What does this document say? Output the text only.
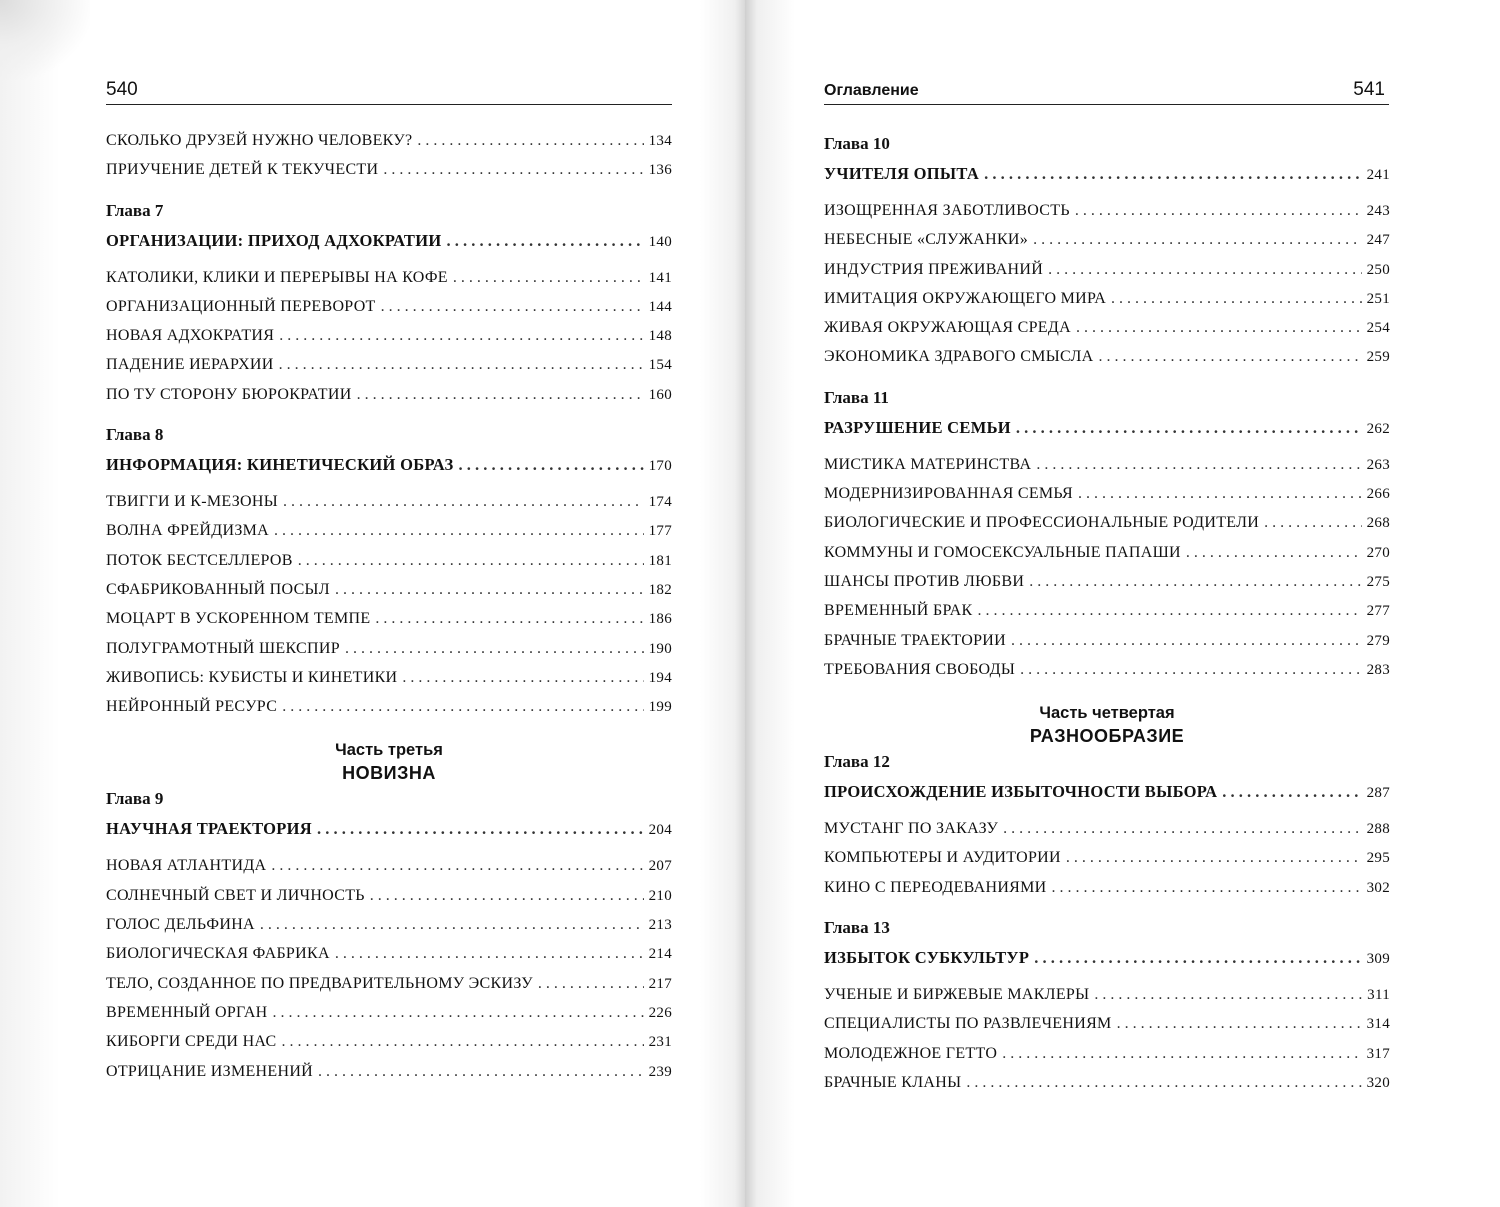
540
СКОЛЬКО ДРУЗЕЙ НУЖНО ЧЕЛОВЕКУ? . . .	134
ПРИУЧЕНИЕ ДЕТЕЙ К ТЕКУЧЕСТИ . . .	136
Глава 7
ОРГАНИЗАЦИИ: ПРИХОД АДХОКРАТИИ . . .	140
КАТОЛИКИ, КЛИКИ И ПЕРЕРЫВЫ НА КОФЕ . . .	141
ОРГАНИЗАЦИОННЫЙ ПЕРЕВОРОТ . . .	144
НОВАЯ АДХОКРАТИЯ . . .	148
ПАДЕНИЕ ИЕРАРХИИ . . .	154
ПО ТУ СТОРОНУ БЮРОКРАТИИ . . .	160
Глава 8
ИНФОРМАЦИЯ: КИНЕТИЧЕСКИЙ ОБРАЗ . . .	170
ТВИГГИ И К-МЕЗОНЫ . . .	174
ВОЛНА ФРЕЙДИЗМА . . .	177
ПОТОК БЕСТСЕЛЛЕРОВ . . .	181
СФАБРИКОВАННЫЙ ПОСЫЛ . . .	182
МОЦАРТ В УСКОРЕННОМ ТЕМПЕ . . .	186
ПОЛУГРАМОТНЫЙ ШЕКСПИР . . .	190
ЖИВОПИСЬ: КУБИСТЫ И КИНЕТИКИ . . .	194
НЕЙРОННЫЙ РЕСУРС . . .	199
Часть третья
НОВИЗНА
Глава 9
НАУЧНАЯ ТРАЕКТОРИЯ . . .	204
НОВАЯ АТЛАНТИДА . . .	207
СОЛНЕЧНЫЙ СВЕТ И ЛИЧНОСТЬ . . .	210
ГОЛОС ДЕЛЬФИНА . . .	213
БИОЛОГИЧЕСКАЯ ФАБРИКА . . .	214
ТЕЛО, СОЗДАННОЕ ПО ПРЕДВАРИТЕЛЬНОМУ ЭСКИЗУ . . .	217
ВРЕМЕННЫЙ ОРГАН . . .	226
КИБОРГИ СРЕДИ НАС . . .	231
ОТРИЦАНИЕ ИЗМЕНЕНИЙ . . .	239
Оглавление	541
Глава 10
УЧИТЕЛЯ ОПЫТА . . .	241
ИЗОЩРЕННАЯ ЗАБОТЛИВОСТЬ . . .	243
НЕБЕСНЫЕ «СЛУЖАНКИ» . . .	247
ИНДУСТРИЯ ПРЕЖИВАНИЙ . . .	250
ИМИТАЦИЯ ОКРУЖАЮЩЕГО МИРА . . .	251
ЖИВАЯ ОКРУЖАЮЩАЯ СРЕДА . . .	254
ЭКОНОМИКА ЗДРАВОГО СМЫСЛА . . .	259
Глава 11
РАЗРУШЕНИЕ СЕМЬИ . . .	262
МИСТИКА МАТЕРИНСТВА . . .	263
МОДЕРНИЗИРОВАННАЯ СЕМЬЯ . . .	266
БИОЛОГИЧЕСКИЕ И ПРОФЕССИОНАЛЬНЫЕ РОДИТЕЛИ . . .	268
КОММУНЫ И ГОМОСЕКСУАЛЬНЫЕ ПАПАШИ . . .	270
ШАНСЫ ПРОТИВ ЛЮБВИ . . .	275
ВРЕМЕННЫЙ БРАК . . .	277
БРАЧНЫЕ ТРАЕКТОРИИ . . .	279
ТРЕБОВАНИЯ СВОБОДЫ . . .	283
Часть четвертая
РАЗНООБРАЗИЕ
Глава 12
ПРОИСХОЖДЕНИЕ ИЗБЫТОЧНОСТИ ВЫБОРА . . .	287
МУСТАНГ ПО ЗАКАЗУ . . .	288
КОМПЬЮТЕРЫ И АУДИТОРИИ . . .	295
КИНО С ПЕРЕОДЕВАНИЯМИ . . .	302
Глава 13
ИЗБЫТОК СУБКУЛЬТУР . . .	309
УЧЕНЫЕ И БИРЖЕВЫЕ МАКЛЕРЫ . . .	311
СПЕЦИАЛИСТЫ ПО РАЗВЛЕЧЕНИЯМ . . .	314
МОЛОДЕЖНОЕ ГЕТТО . . .	317
БРАЧНЫЕ КЛАНЫ . . .	320
